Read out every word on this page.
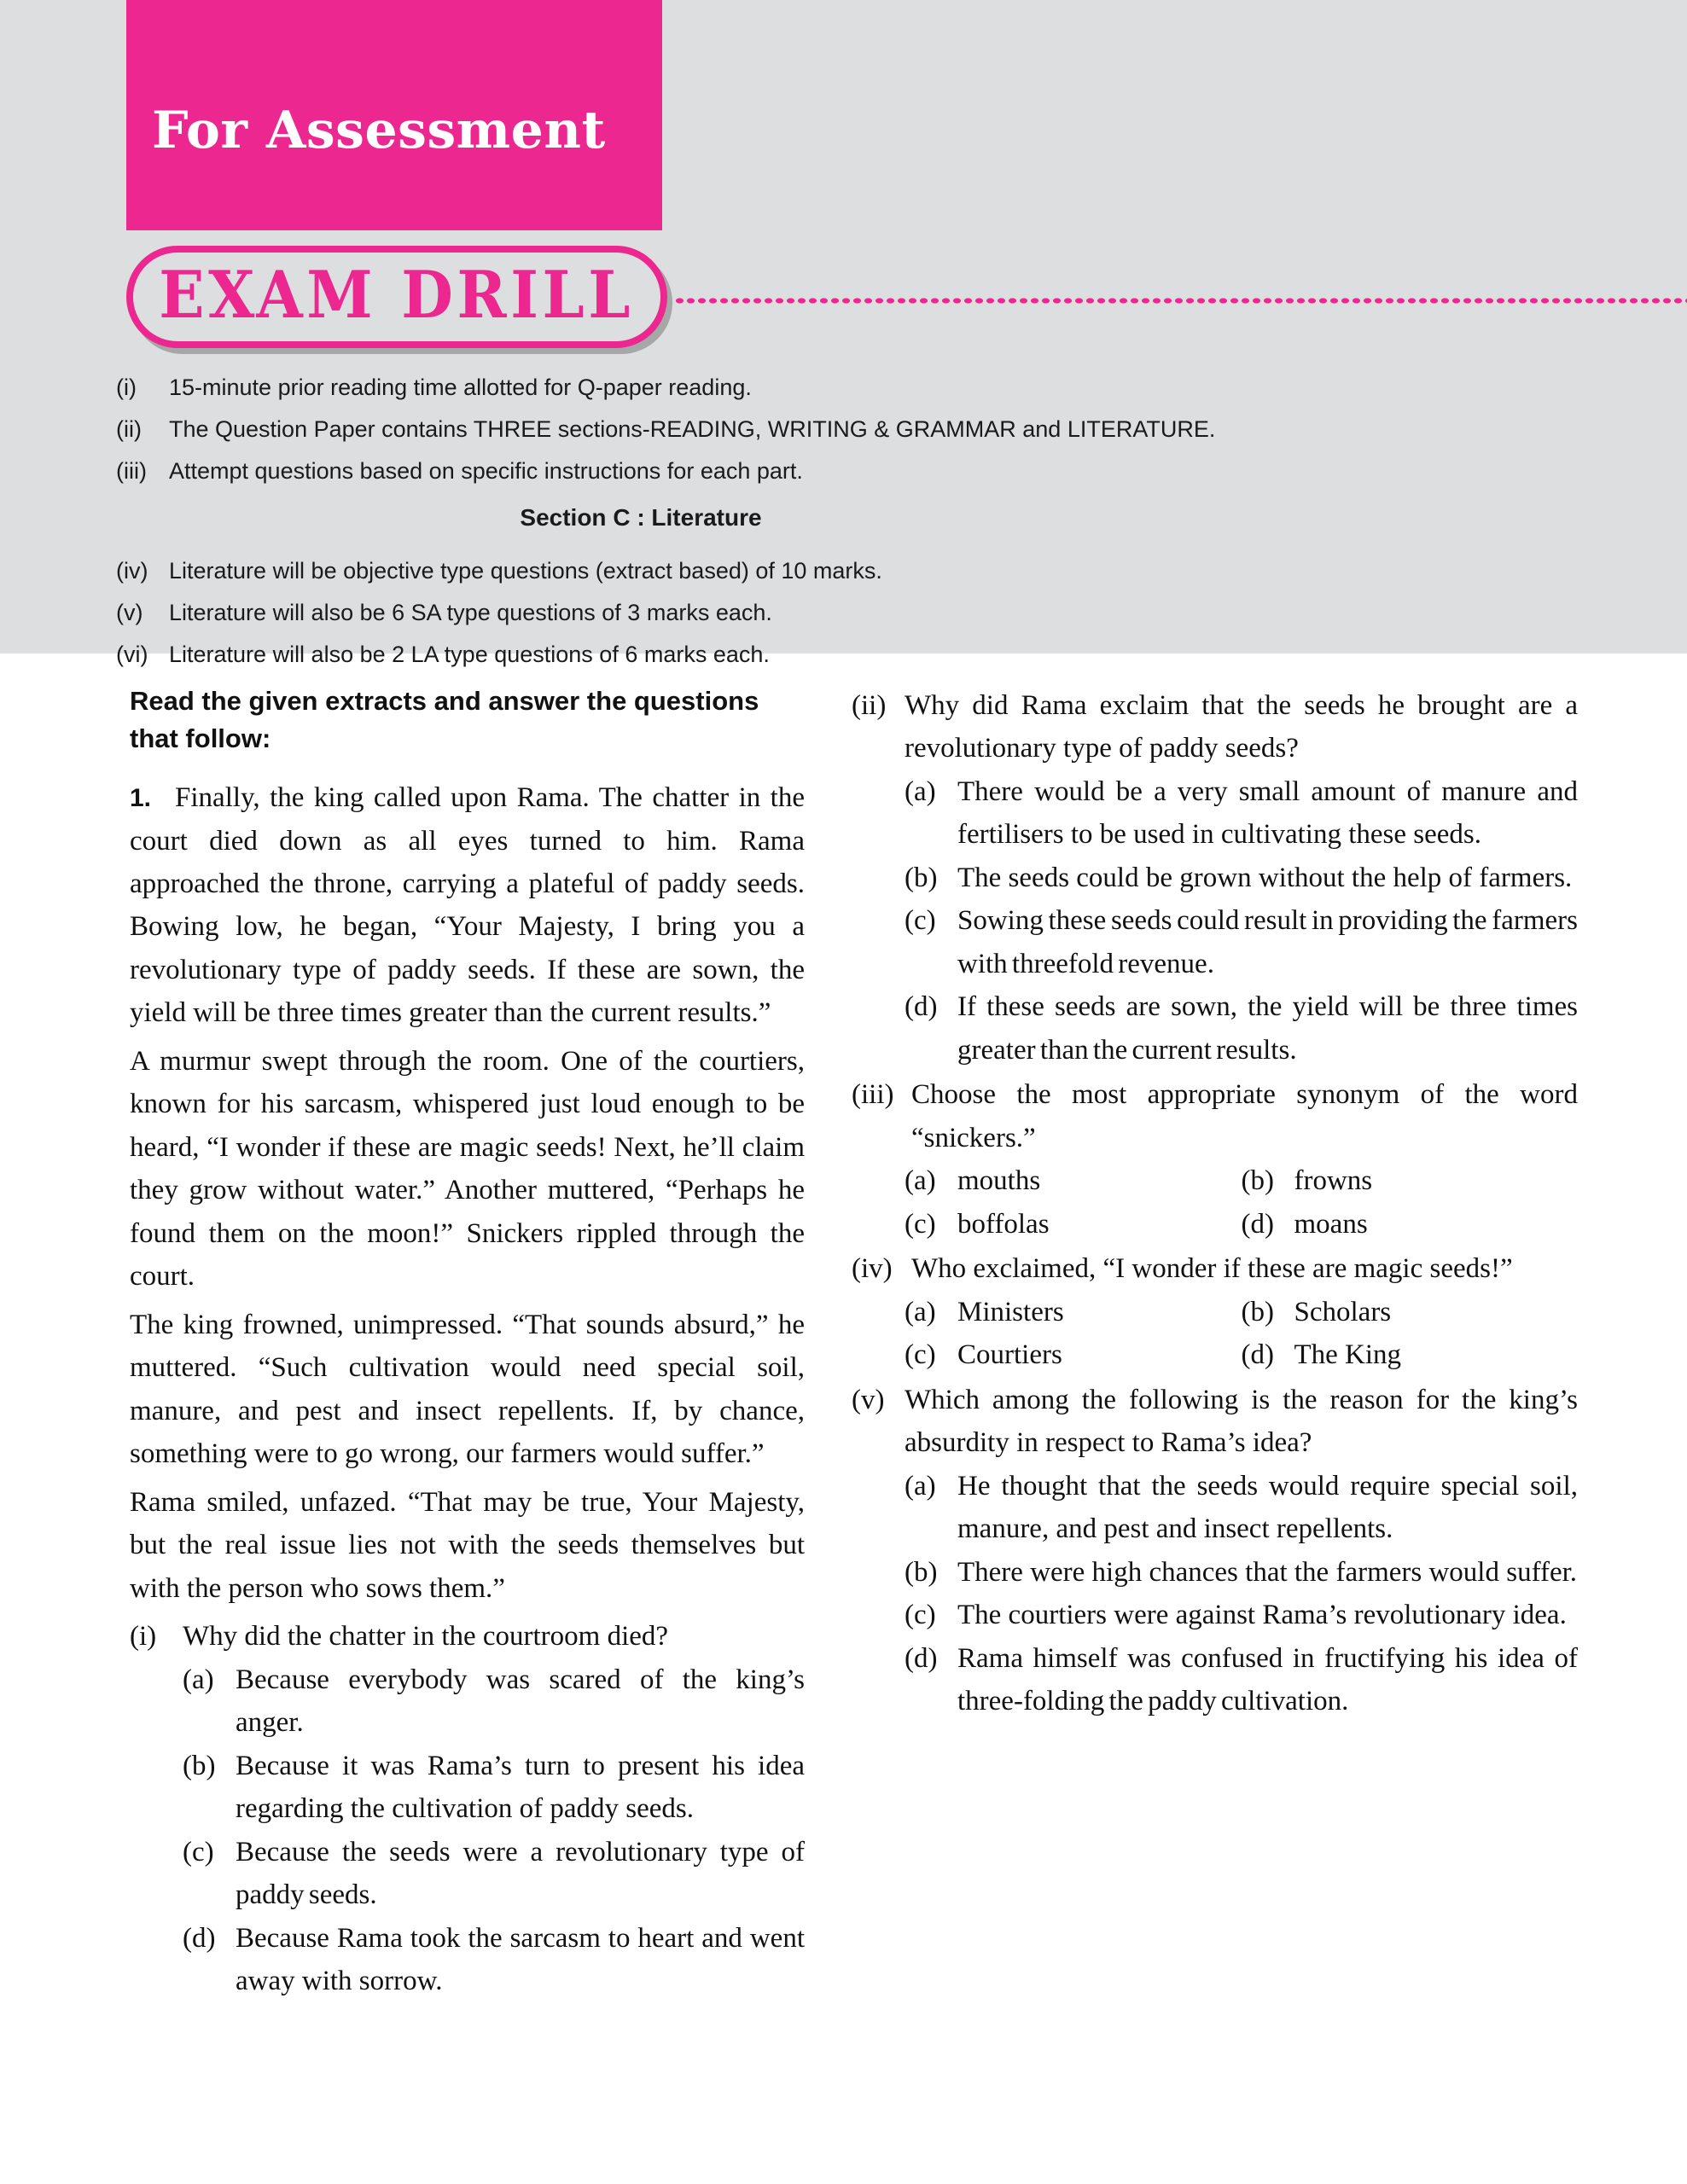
For Assessment
EXAM DRILL
(i)	15-minute prior reading time allotted for Q-paper reading.
(ii)	The Question Paper contains THREE sections-READING, WRITING & GRAMMAR and LITERATURE.
(iii) Attempt questions based on specific instructions for each part.
Section C : Literature
(iv) Literature will be objective type questions (extract based) of 10 marks.
(v)	Literature will also be 6 SA type questions of 3 marks each.
(vi) Literature will also be 2 LA type questions of 6 marks each.
Read the given extracts and answer the questions that follow:

1. Finally, the king called upon Rama. The chatter in the court died down as all eyes turned to him. Rama approached the throne, carrying a plateful of paddy seeds. Bowing low, he began, “Your Majesty, I bring you a revolutionary type of paddy seeds. If these are sown, the yield will be three times greater than the current results.”

A murmur swept through the room. One of the courtiers, known for his sarcasm, whispered just loud enough to be heard, “I wonder if these are magic seeds! Next, he’ll claim they grow without water.” Another muttered, “Perhaps he found them on the moon!” Snickers rippled through the court.

The king frowned, unimpressed. “That sounds absurd,” he muttered. “Such cultivation would need special soil, manure, and pest and insect repellents. If, by chance, something were to go wrong, our farmers would suffer.”

Rama smiled, unfazed. “That may be true, Your Majesty, but the real issue lies not with the seeds themselves but with the person who sows them.”

(i) Why did the chatter in the courtroom died?
(a) Because everybody was scared of the king’s anger.
(b) Because it was Rama’s turn to present his idea regarding the cultivation of paddy seeds.
(c) Because the seeds were a revolutionary type of paddy seeds.
(d) Because Rama took the sarcasm to heart and went away with sorrow.
(ii) Why did Rama exclaim that the seeds he brought are a revolutionary type of paddy seeds?
(a) There would be a very small amount of manure and fertilisers to be used in cultivating these seeds.
(b) The seeds could be grown without the help of farmers.
(c) Sowing these seeds could result in providing the farmers with threefold revenue.
(d) If these seeds are sown, the yield will be three times greater than the current results.
(iii) Choose the most appropriate synonym of the word “snickers.”
(a) mouths	(b) frowns
(c) boffolas	(d) moans
(iv) Who exclaimed, “I wonder if these are magic seeds!”
(a) Ministers	(b) Scholars
(c) Courtiers	(d) The King
(v) Which among the following is the reason for the king’s absurdity in respect to Rama’s idea?
(a) He thought that the seeds would require special soil, manure, and pest and insect repellents.
(b) There were high chances that the farmers would suffer.
(c) The courtiers were against Rama’s revolutionary idea.
(d) Rama himself was confused in fructifying his idea of three-folding the paddy cultivation.
